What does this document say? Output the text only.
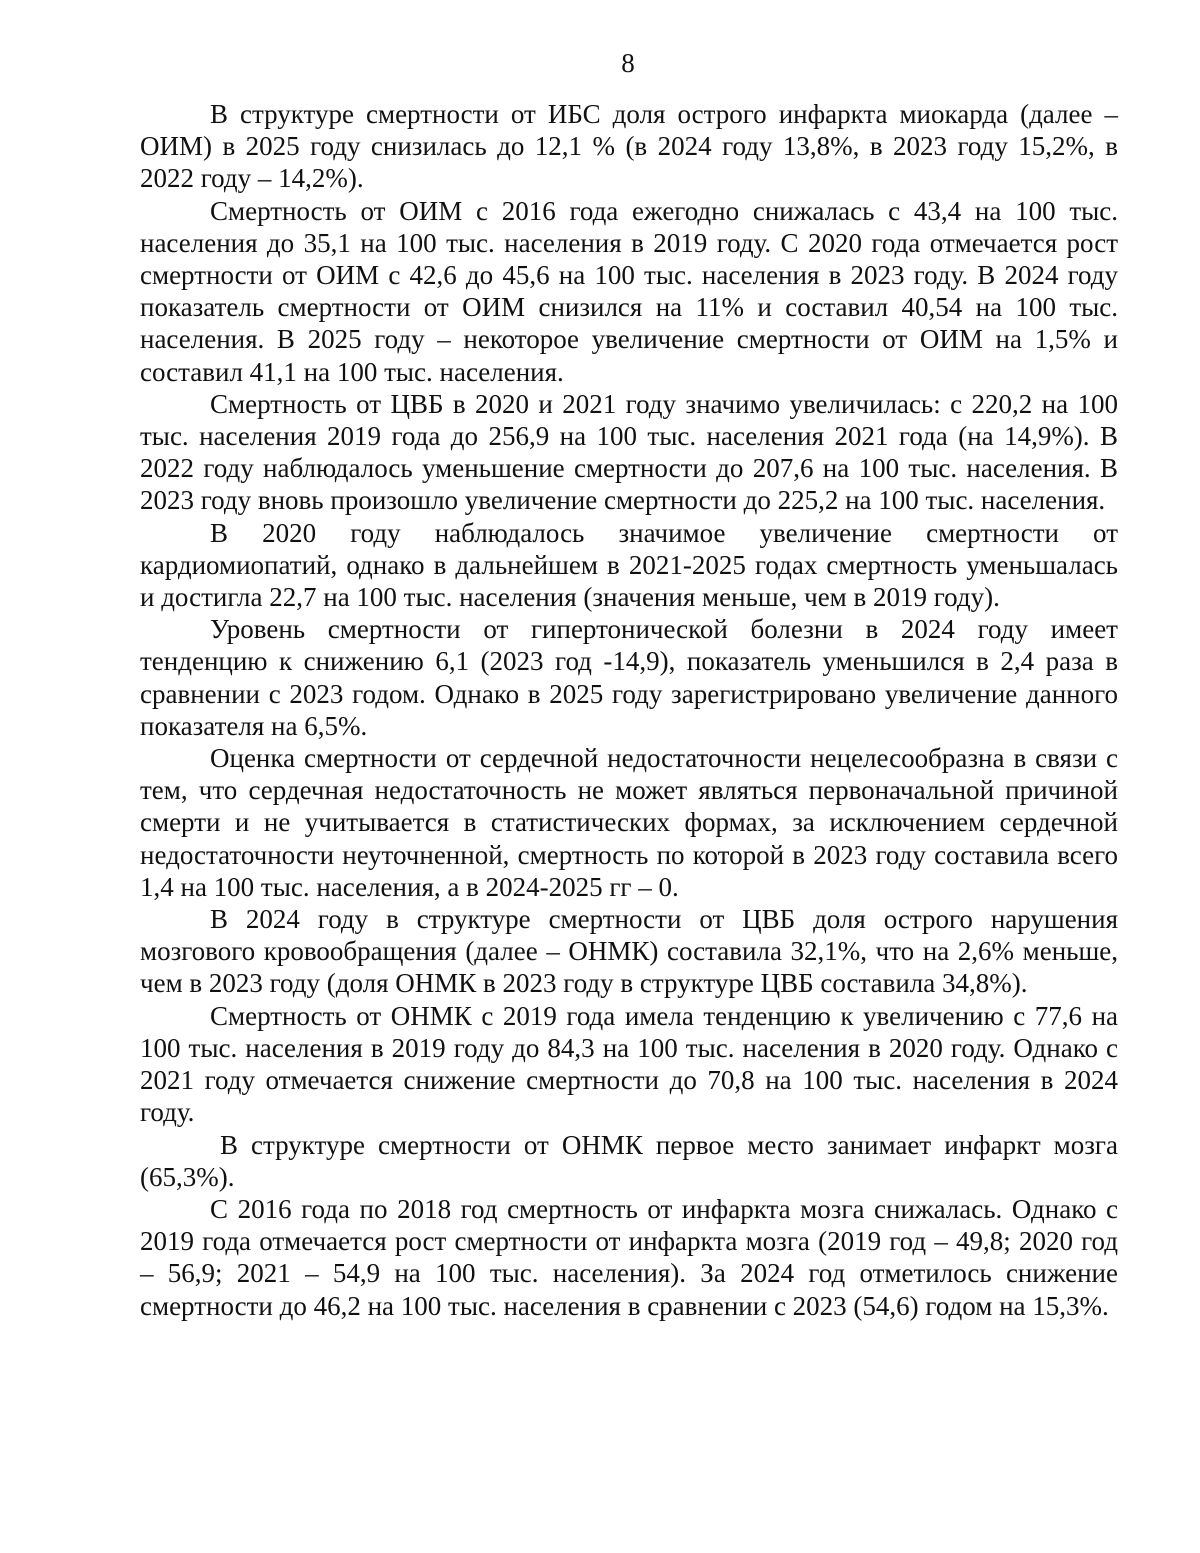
8

В структуре смертности от ИБС доля острого инфаркта миокарда (далее – ОИМ) в 2025 году снизилась до 12,1 % (в 2024 году 13,8%, в 2023 году 15,2%, в 2022 году – 14,2%).

Смертность от ОИМ с 2016 года ежегодно снижалась с 43,4 на 100 тыс. населения до 35,1 на 100 тыс. населения в 2019 году. С 2020 года отмечается рост смертности от ОИМ с 42,6 до 45,6 на 100 тыс. населения в 2023 году. В 2024 году показатель смертности от ОИМ снизился на 11% и составил 40,54 на 100 тыс. населения. В 2025 году – некоторое увеличение смертности от ОИМ на 1,5% и составил 41,1 на 100 тыс. населения.

Смертность от ЦВБ в 2020 и 2021 году значимо увеличилась: с 220,2 на 100 тыс. населения 2019 года до 256,9 на 100 тыс. населения 2021 года (на 14,9%). В 2022 году наблюдалось уменьшение смертности до 207,6 на 100 тыс. населения. В 2023 году вновь произошло увеличение смертности до 225,2 на 100 тыс. населения.

В 2020 году наблюдалось значимое увеличение смертности от кардиомиопатий, однако в дальнейшем в 2021-2025 годах смертность уменьшалась и достигла 22,7 на 100 тыс. населения (значения меньше, чем в 2019 году).

Уровень смертности от гипертонической болезни в 2024 году имеет тенденцию к снижению 6,1 (2023 год -14,9), показатель уменьшился в 2,4 раза в сравнении с 2023 годом. Однако в 2025 году зарегистрировано увеличение данного показателя на 6,5%.

Оценка смертности от сердечной недостаточности нецелесообразна в связи с тем, что сердечная недостаточность не может являться первоначальной причиной смерти и не учитывается в статистических формах, за исключением сердечной недостаточности неуточненной, смертность по которой в 2023 году составила всего 1,4 на 100 тыс. населения, а в 2024-2025 гг – 0.

В 2024 году в структуре смертности от ЦВБ доля острого нарушения мозгового кровообращения (далее – ОНМК) составила 32,1%, что на 2,6% меньше, чем в 2023 году (доля ОНМК в 2023 году в структуре ЦВБ составила 34,8%).

Смертность от ОНМК с 2019 года имела тенденцию к увеличению с 77,6 на 100 тыс. населения в 2019 году до 84,3 на 100 тыс. населения в 2020 году. Однако с 2021 году отмечается снижение смертности до 70,8 на 100 тыс. населения в 2024 году.

В структуре смертности от ОНМК первое место занимает инфаркт мозга (65,3%).

С 2016 года по 2018 год смертность от инфаркта мозга снижалась. Однако с 2019 года отмечается рост смертности от инфаркта мозга (2019 год – 49,8; 2020 год – 56,9; 2021 – 54,9 на 100 тыс. населения). За 2024 год отметилось снижение смертности до 46,2 на 100 тыс. населения в сравнении с 2023 (54,6) годом на 15,3%.
